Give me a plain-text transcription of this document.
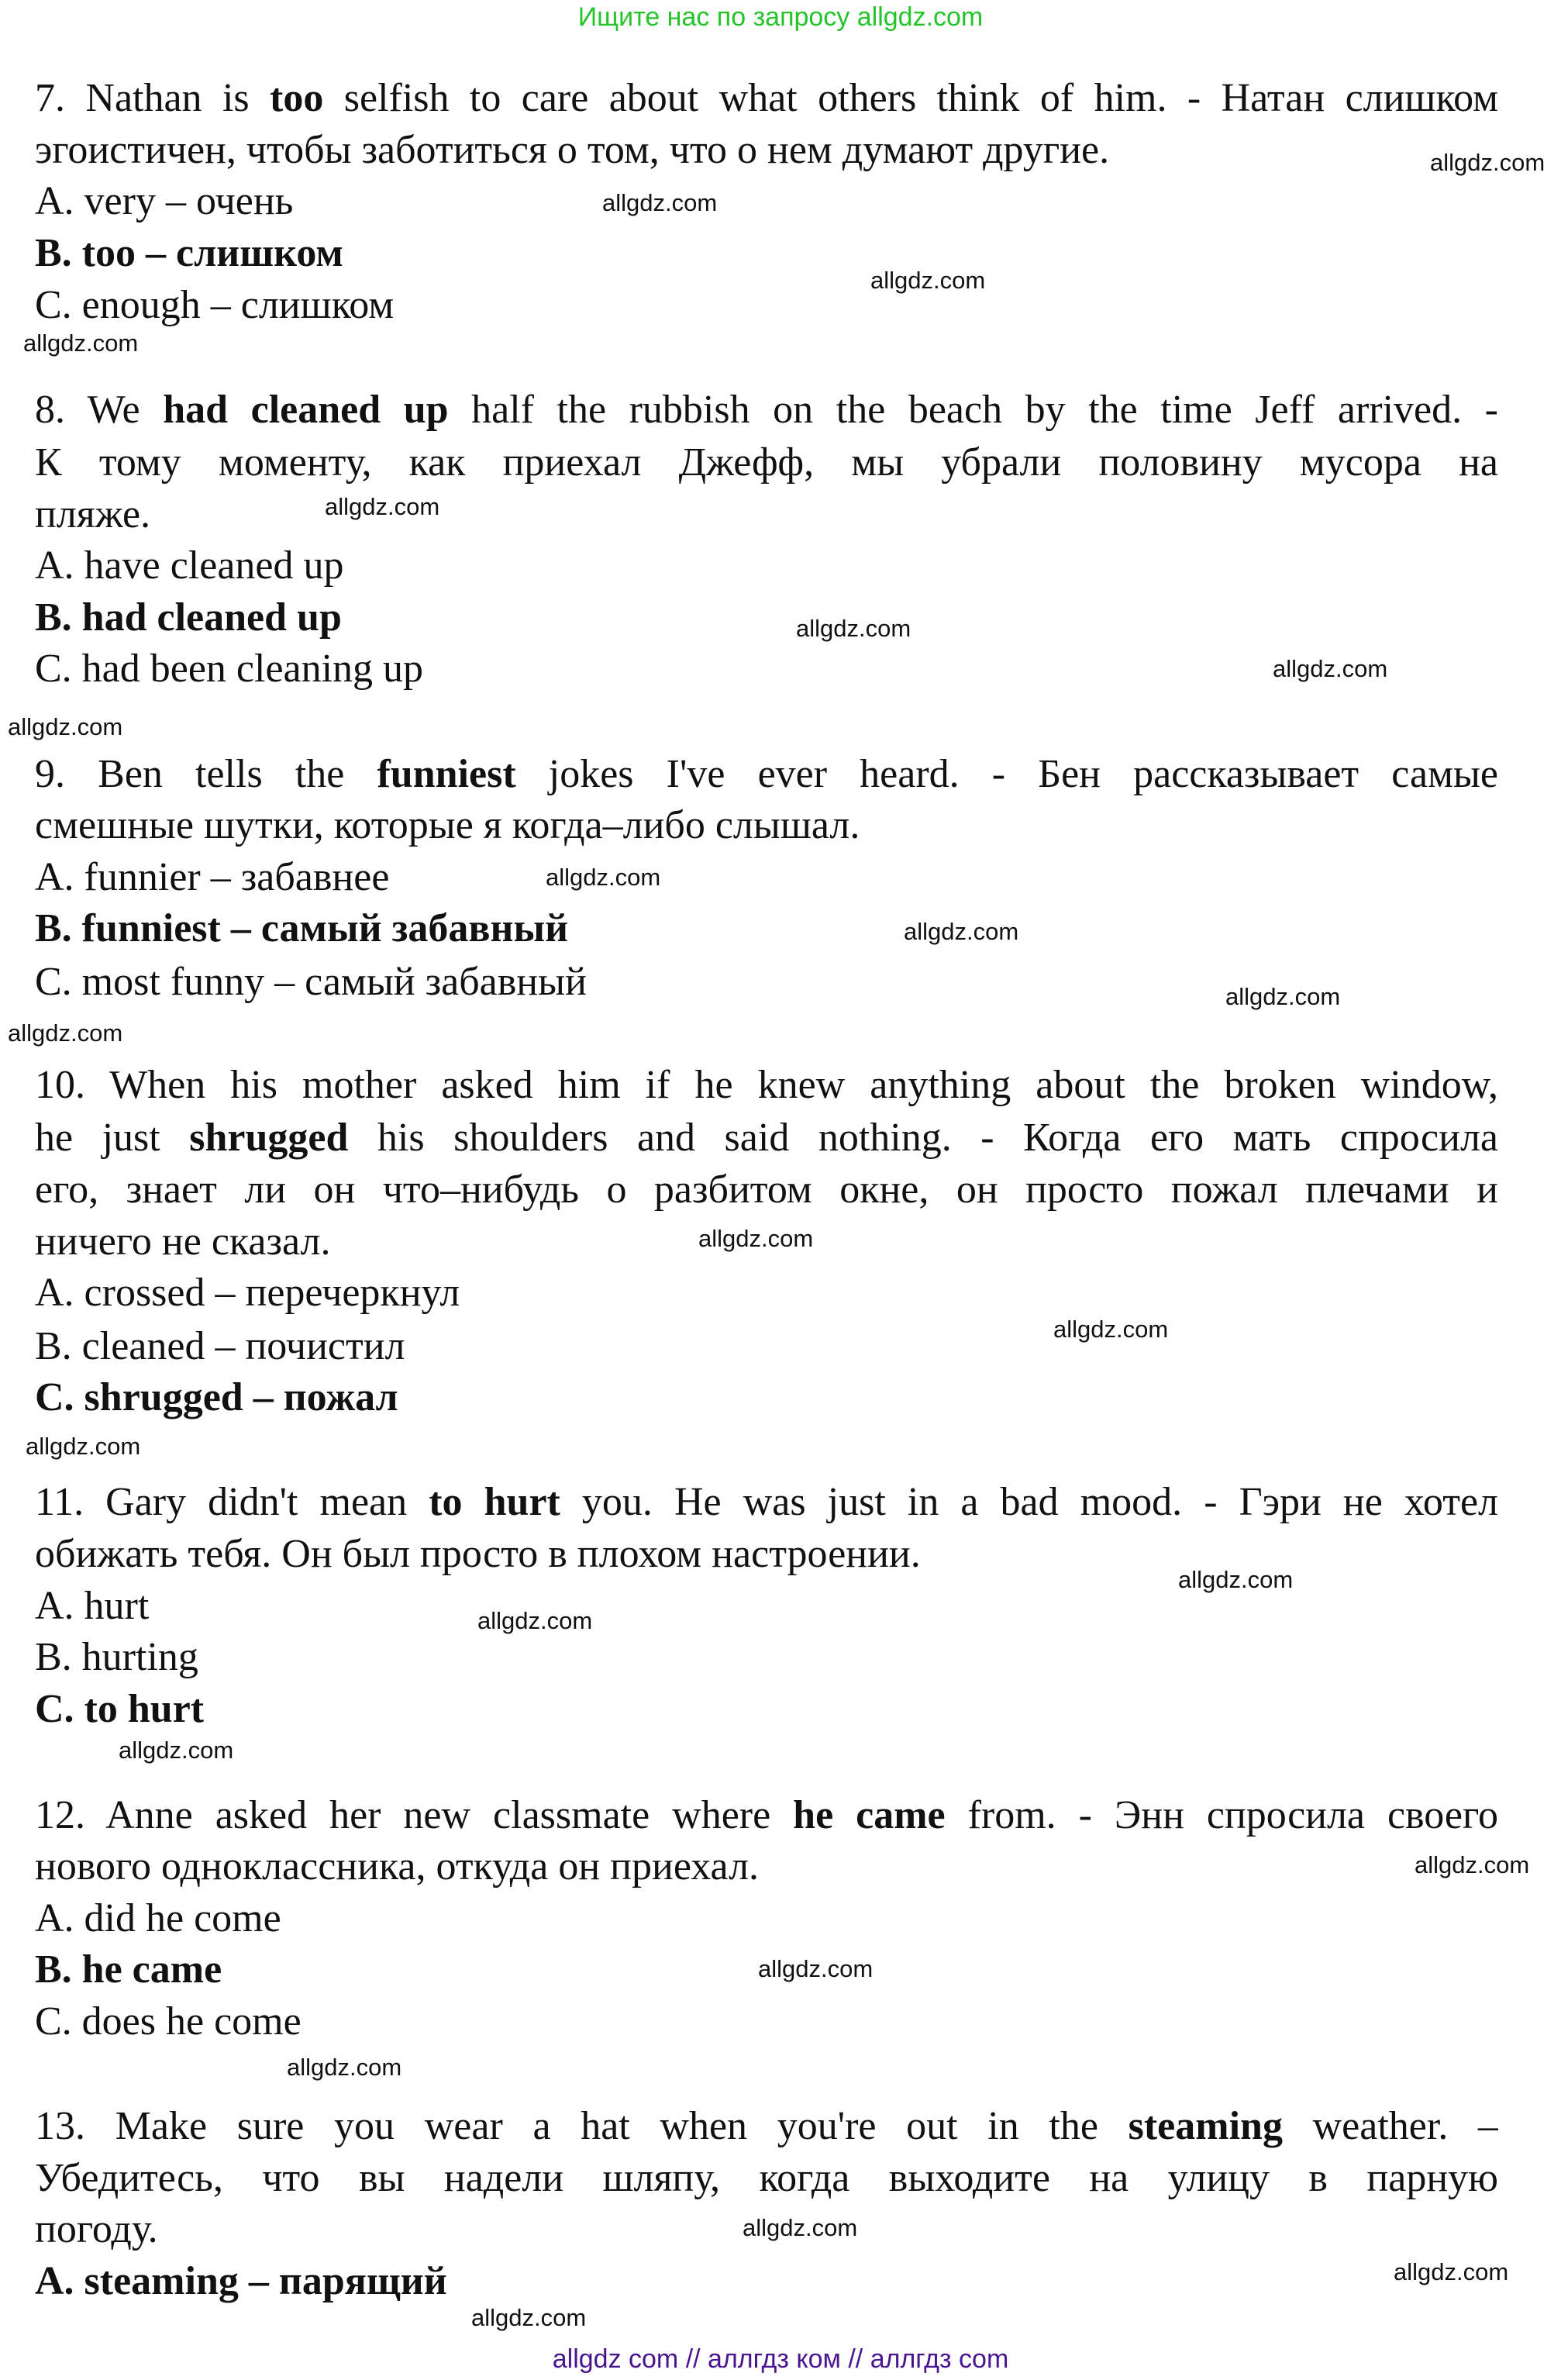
Ищите нас по запросу allgdz.com
7. Nathan is too selfish to care about what others think of him. - Натан слишком
эгоистичен, чтобы заботиться о том, что о нем думают другие.
A. very – очень
B. too – слишком
C. enough – слишком
8. We had cleaned up half the rubbish on the beach by the time Jeff arrived. -
К тому моменту, как приехал Джефф, мы убрали половину мусора на
пляже.
A. have cleaned up
B. had cleaned up
C. had been cleaning up
9. Ben tells the funniest jokes I've ever heard. - Бен рассказывает самые
смешные шутки, которые я когда–либо слышал.
A. funnier – забавнее
B. funniest – самый забавный
C. most funny – самый забавный
10. When his mother asked him if he knew anything about the broken window,
he just shrugged his shoulders and said nothing. - Когда его мать спросила
его, знает ли он что–нибудь о разбитом окне, он просто пожал плечами и
ничего не сказал.
A. crossed – перечеркнул
B. cleaned – почистил
C. shrugged – пожал
11. Gary didn't mean to hurt you. He was just in a bad mood. - Гэри не хотел
обижать тебя. Он был просто в плохом настроении.
A. hurt
B. hurting
C. to hurt
12. Anne asked her new classmate where he came from. - Энн спросила своего
нового одноклассника, откуда он приехал.
A. did he come
B. he came
C. does he come
13. Make sure you wear a hat when you're out in the steaming weather. –
Убедитесь, что вы надели шляпу, когда выходите на улицу в парную
погоду.
A. steaming – парящий
allgdz.com
allgdz.com
allgdz.com
allgdz.com
allgdz.com
allgdz.com
allgdz.com
allgdz.com
allgdz.com
allgdz.com
allgdz.com
allgdz.com
allgdz.com
allgdz.com
allgdz.com
allgdz.com
allgdz.com
allgdz.com
allgdz.com
allgdz.com
allgdz.com
allgdz.com
allgdz.com
allgdz.com
allgdz com // аллгдз ком // аллгдз com
